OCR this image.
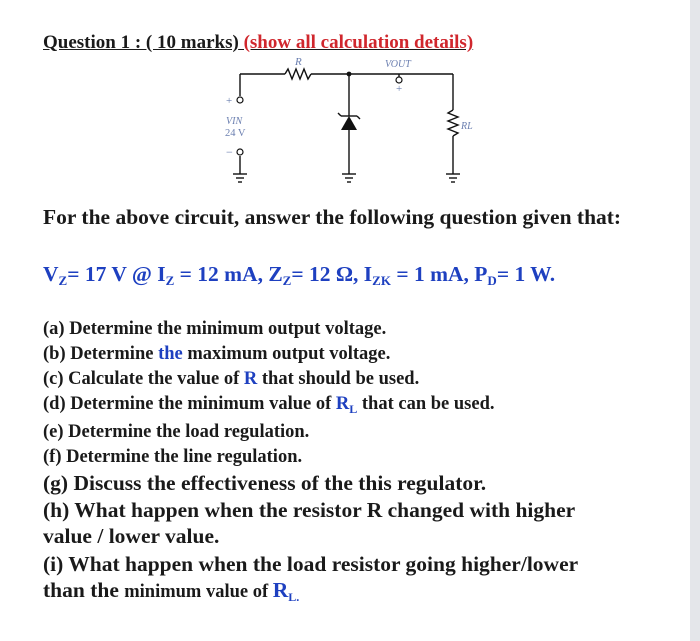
Question 1 : ( 10 marks) (show all calculation details)
R	VOUT
+
+
VIN
24 V
−
RL
For the above circuit, answer the following question given that:
$V_Z= 17$ V @ $I_Z = 12$ mA, $Z_Z= 12$ Ω, $I_{ZK} = 1$ mA, $P_D= 1$ W.
(a) Determine the minimum output voltage.
(b) Determine the maximum output voltage.
(c) Calculate the value of R that should be used.
(d) Determine the minimum value of $R_L$ that can be used.
(e) Determine the load regulation.
(f) Determine the line regulation.
(g) Discuss the effectiveness of the this regulator.
(h) What happen when the resistor R changed with higher
value / lower value.
(i) What happen when the load resistor going higher/lower
than the minimum value of $R_{L.}$
